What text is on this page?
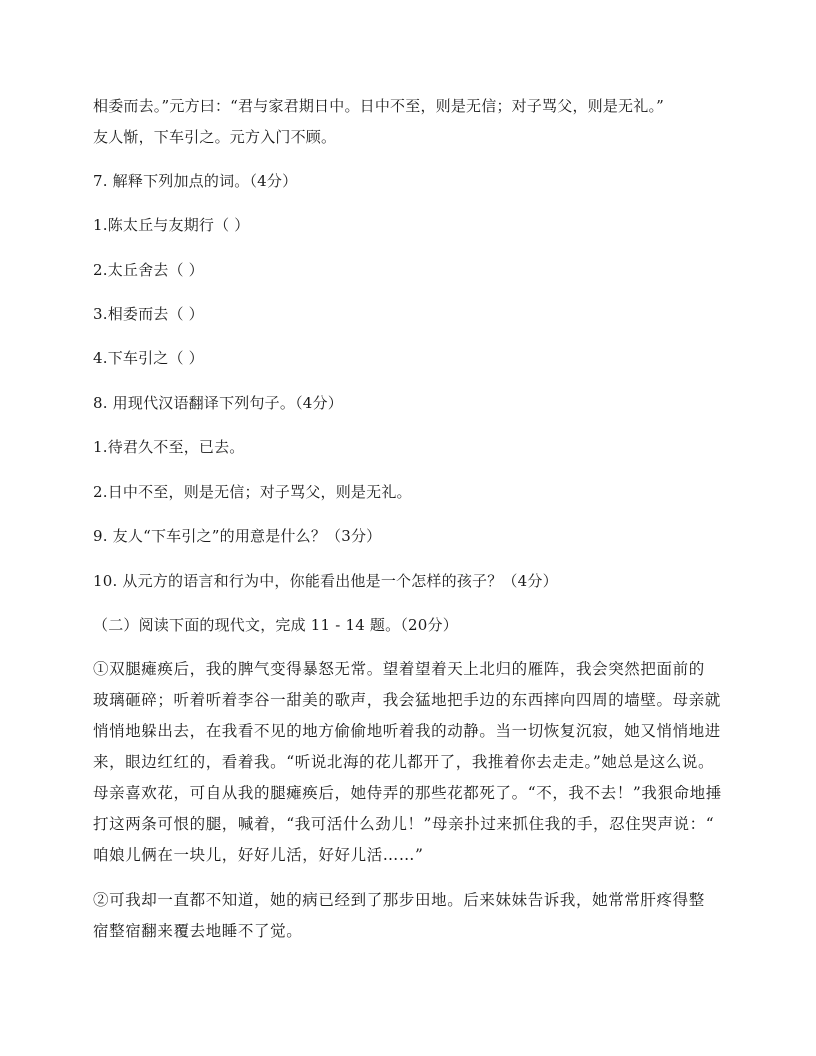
相委而去。”元方曰：“君与家君期日中。日中不至，则是无信；对子骂父，则是无礼。”
友人惭，下车引之。元方入门不顾。
7. 解释下列加点的词。（4分）
1.陈太丘与友期行（ ）
2.太丘舍去（ ）
3.相委而去（ ）
4.下车引之（ ）
8. 用现代汉语翻译下列句子。（4分）
1.待君久不至，已去。
2.日中不至，则是无信；对子骂父，则是无礼。
9. 友人“下车引之”的用意是什么？（3分）
10. 从元方的语言和行为中，你能看出他是一个怎样的孩子？（4分）
（二）阅读下面的现代文，完成 11 - 14 题。（20分）
①双腿瘫痪后，我的脾气变得暴怒无常。望着望着天上北归的雁阵，我会突然把面前的
玻璃砸碎；听着听着李谷一甜美的歌声，我会猛地把手边的东西摔向四周的墙壁。母亲就
悄悄地躲出去，在我看不见的地方偷偷地听着我的动静。当一切恢复沉寂，她又悄悄地进
来，眼边红红的，看着我。“听说北海的花儿都开了，我推着你去走走。”她总是这么说。
母亲喜欢花，可自从我的腿瘫痪后，她侍弄的那些花都死了。“不，我不去！”我狠命地捶
打这两条可恨的腿，喊着，“我可活什么劲儿！”母亲扑过来抓住我的手，忍住哭声说：“
咱娘儿俩在一块儿，好好儿活，好好儿活……”
②可我却一直都不知道，她的病已经到了那步田地。后来妹妹告诉我，她常常肝疼得整
宿整宿翻来覆去地睡不了觉。
